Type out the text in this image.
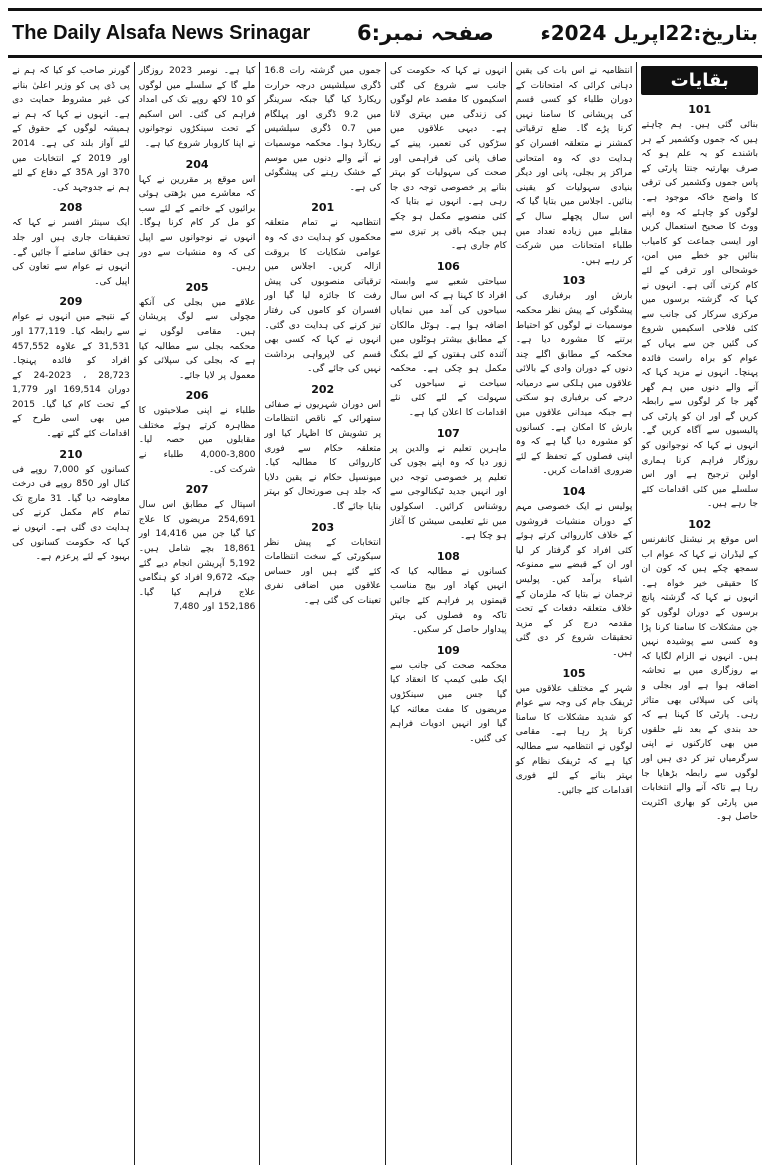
The Daily Alsafa News Srinagar صفحہ نمبر:6 بتاریخ:22اپریل 2024ء
بقایات
101

بنائی گئی ہیں۔ ہم چاہتے ہیں کہ جموں وکشمیر کے ہر باشندے کو یہ علم ہو کہ صرف بھارتیہ جنتا پارٹی کے پاس جموں وکشمیر کی ترقی کا واضح خاکہ موجود ہے۔ لوگوں کو چاہئے کہ وہ اپنے ووٹ کا صحیح استعمال کریں اور ایسی جماعت کو کامیاب بنائیں جو خطے میں امن، خوشحالی اور ترقی کے لئے کام کرتی آئی ہے۔ انہوں نے کہا کہ گزشتہ برسوں میں مرکزی سرکار کی جانب سے کئی فلاحی اسکیمیں شروع کی گئیں جن سے یہاں کے عوام کو براہ راست فائدہ پہنچا۔ انہوں نے مزید کہا کہ آنے والے دنوں میں ہم گھر گھر جا کر لوگوں سے رابطہ کریں گے اور ان کو پارٹی کی پالیسیوں سے آگاہ کریں گے۔ انہوں نے کہا کہ نوجوانوں کو روزگار فراہم کرنا ہماری اولین ترجیح ہے اور اس سلسلے میں کئی اقدامات کئے جا رہے ہیں۔

102

اس موقع پر نیشنل کانفرنس کے لیڈران نے کہا کہ عوام اب سمجھ چکے ہیں کہ کون ان کا حقیقی خیر خواہ ہے۔ انہوں نے کہا کہ گزشتہ پانچ برسوں کے دوران لوگوں کو جن مشکلات کا سامنا کرنا پڑا وہ کسی سے پوشیدہ نہیں ہیں۔ انہوں نے الزام لگایا کہ بے روزگاری میں بے تحاشہ اضافہ ہوا ہے اور بجلی و پانی کی سپلائی بھی متاثر رہی۔ پارٹی کا کہنا ہے کہ حد بندی کے بعد نئے حلقوں میں بھی کارکنوں نے اپنی سرگرمیاں تیز کر دی ہیں اور لوگوں سے رابطہ بڑھایا جا رہا ہے تاکہ آنے والے انتخابات میں پارٹی کو بھاری اکثریت حاصل ہو۔

انتظامیہ نے اس بات کی یقین دہانی کرائی کہ امتحانات کے دوران طلباء کو کسی قسم کی پریشانی کا سامنا نہیں کرنا پڑے گا۔ ضلع ترقیاتی کمشنر نے متعلقہ افسران کو ہدایت دی کہ وہ امتحانی مراکز پر بجلی، پانی اور دیگر بنیادی سہولیات کو یقینی بنائیں۔ اجلاس میں بتایا گیا کہ اس سال پچھلے سال کے مقابلے میں زیادہ تعداد میں طلباء امتحانات میں شرکت کر رہے ہیں۔

103

بارش اور برفباری کی پیشگوئی کے پیش نظر محکمہ موسمیات نے لوگوں کو احتیاط برتنے کا مشورہ دیا ہے۔ محکمہ کے مطابق اگلے چند دنوں کے دوران وادی کے بالائی علاقوں میں ہلکی سے درمیانہ درجے کی برفباری ہو سکتی ہے جبکہ میدانی علاقوں میں بارش کا امکان ہے۔ کسانوں کو مشورہ دیا گیا ہے کہ وہ اپنی فصلوں کے تحفظ کے لئے ضروری اقدامات کریں۔

104

پولیس نے ایک خصوصی مہم کے دوران منشیات فروشوں کے خلاف کارروائی کرتے ہوئے کئی افراد کو گرفتار کر لیا اور ان کے قبضے سے ممنوعہ اشیاء برآمد کیں۔ پولیس ترجمان نے بتایا کہ ملزمان کے خلاف متعلقہ دفعات کے تحت مقدمہ درج کر کے مزید تحقیقات شروع کر دی گئی ہیں۔

105

شہر کے مختلف علاقوں میں ٹریفک جام کی وجہ سے عوام کو شدید مشکلات کا سامنا کرنا پڑ رہا ہے۔ مقامی لوگوں نے انتظامیہ سے مطالبہ کیا ہے کہ ٹریفک نظام کو بہتر بنانے کے لئے فوری اقدامات کئے جائیں۔

انہوں نے کہا کہ حکومت کی جانب سے شروع کی گئی اسکیموں کا مقصد عام لوگوں کی زندگی میں بہتری لانا ہے۔ دیہی علاقوں میں سڑکوں کی تعمیر، پینے کے صاف پانی کی فراہمی اور صحت کی سہولیات کو بہتر بنانے پر خصوصی توجہ دی جا رہی ہے۔ انہوں نے بتایا کہ کئی منصوبے مکمل ہو چکے ہیں جبکہ باقی پر تیزی سے کام جاری ہے۔

106

سیاحتی شعبے سے وابستہ افراد کا کہنا ہے کہ اس سال سیاحوں کی آمد میں نمایاں اضافہ ہوا ہے۔ ہوٹل مالکان کے مطابق بیشتر ہوٹلوں میں آئندہ کئی ہفتوں کے لئے بکنگ مکمل ہو چکی ہے۔ محکمہ سیاحت نے سیاحوں کی سہولت کے لئے کئی نئے اقدامات کا اعلان کیا ہے۔

107

ماہرین تعلیم نے والدین پر زور دیا کہ وہ اپنے بچوں کی تعلیم پر خصوصی توجہ دیں اور انہیں جدید ٹیکنالوجی سے روشناس کرائیں۔ اسکولوں میں نئے تعلیمی سیشن کا آغاز ہو چکا ہے۔

108

کسانوں نے مطالبہ کیا کہ انہیں کھاد اور بیج مناسب قیمتوں پر فراہم کئے جائیں تاکہ وہ فصلوں کی بہتر پیداوار حاصل کر سکیں۔

109

محکمہ صحت کی جانب سے ایک طبی کیمپ کا انعقاد کیا گیا جس میں سینکڑوں مریضوں کا مفت معائنہ کیا گیا اور انہیں ادویات فراہم کی گئیں۔

جموں میں گزشتہ رات 16.8 ڈگری سیلشیس درجہ حرارت ریکارڈ کیا گیا جبکہ سرینگر میں 9.2 ڈگری اور پہلگام میں 0.7 ڈگری سیلشیس ریکارڈ ہوا۔ محکمہ موسمیات نے آنے والے دنوں میں موسم کے خشک رہنے کی پیشگوئی کی ہے۔

201

انتظامیہ نے تمام متعلقہ محکموں کو ہدایت دی کہ وہ عوامی شکایات کا بروقت ازالہ کریں۔ اجلاس میں ترقیاتی منصوبوں کی پیش رفت کا جائزہ لیا گیا اور افسران کو کاموں کی رفتار تیز کرنے کی ہدایت دی گئی۔ انہوں نے کہا کہ کسی بھی قسم کی لاپرواہی برداشت نہیں کی جائے گی۔

202

اس دوران شہریوں نے صفائی ستھرائی کے ناقص انتظامات پر تشویش کا اظہار کیا اور متعلقہ حکام سے فوری کارروائی کا مطالبہ کیا۔ میونسپل حکام نے یقین دلایا کہ جلد ہی صورتحال کو بہتر بنایا جائے گا۔

203

انتخابات کے پیش نظر سیکورٹی کے سخت انتظامات کئے گئے ہیں اور حساس علاقوں میں اضافی نفری تعینات کی گئی ہے۔

کیا ہے۔ نومبر 2023 روزگار ملے گا کے سلسلے میں لوگوں کو 10 لاکھ روپے تک کی امداد فراہم کی گئی۔ اس اسکیم کے تحت سینکڑوں نوجوانوں نے اپنا کاروبار شروع کیا ہے۔

204

اس موقع پر مقررین نے کہا کہ معاشرے میں بڑھتی ہوئی برائیوں کے خاتمے کے لئے سب کو مل کر کام کرنا ہوگا۔ انہوں نے نوجوانوں سے اپیل کی کہ وہ منشیات سے دور رہیں۔

205

علاقے میں بجلی کی آنکھ مچولی سے لوگ پریشان ہیں۔ مقامی لوگوں نے محکمہ بجلی سے مطالبہ کیا ہے کہ بجلی کی سپلائی کو معمول پر لایا جائے۔

206

طلباء نے اپنی صلاحیتوں کا مظاہرہ کرتے ہوئے مختلف مقابلوں میں حصہ لیا۔ 3,800-4,000 طلباء نے شرکت کی۔

207

اسپتال کے مطابق اس سال 254,691 مریضوں کا علاج کیا گیا جن میں 14,416 اور 18,861 بچے شامل ہیں۔ 5,192 آپریشن انجام دیے گئے جبکہ 9,672 افراد کو ہنگامی علاج فراہم کیا گیا۔ 152,186 اور 7,480

گورنر صاحب کو کیا کہ ہم نے پی ڈی پی کو وزیر اعلیٰ بنانے کی غیر مشروط حمایت دی ہے۔ انہوں نے کہا کہ ہم نے ہمیشہ لوگوں کے حقوق کے لئے آواز بلند کی ہے۔ 2014 اور 2019 کے انتخابات میں 370 اور 35A کے دفاع کے لئے ہم نے جدوجہد کی۔

208

ایک سینئر افسر نے کہا کہ تحقیقات جاری ہیں اور جلد ہی حقائق سامنے آ جائیں گے۔ انہوں نے عوام سے تعاون کی اپیل کی۔

209

کے نتیجے میں انہوں نے عوام سے رابطہ کیا۔ 177,119 اور 31,531 کے علاوہ 457,552 افراد کو فائدہ پہنچا۔ 28,723 ، 2023-24 کے دوران 169,514 اور 1,779 کے تحت کام کیا گیا۔ 2015 میں بھی اسی طرح کے اقدامات کئے گئے تھے۔

210

کسانوں کو 7,000 روپے فی کنال اور 850 روپے فی درخت معاوضہ دیا گیا۔ 31 مارچ تک تمام کام مکمل کرنے کی ہدایت دی گئی ہے۔ انہوں نے کہا کہ حکومت کسانوں کی بہبود کے لئے پرعزم ہے۔
